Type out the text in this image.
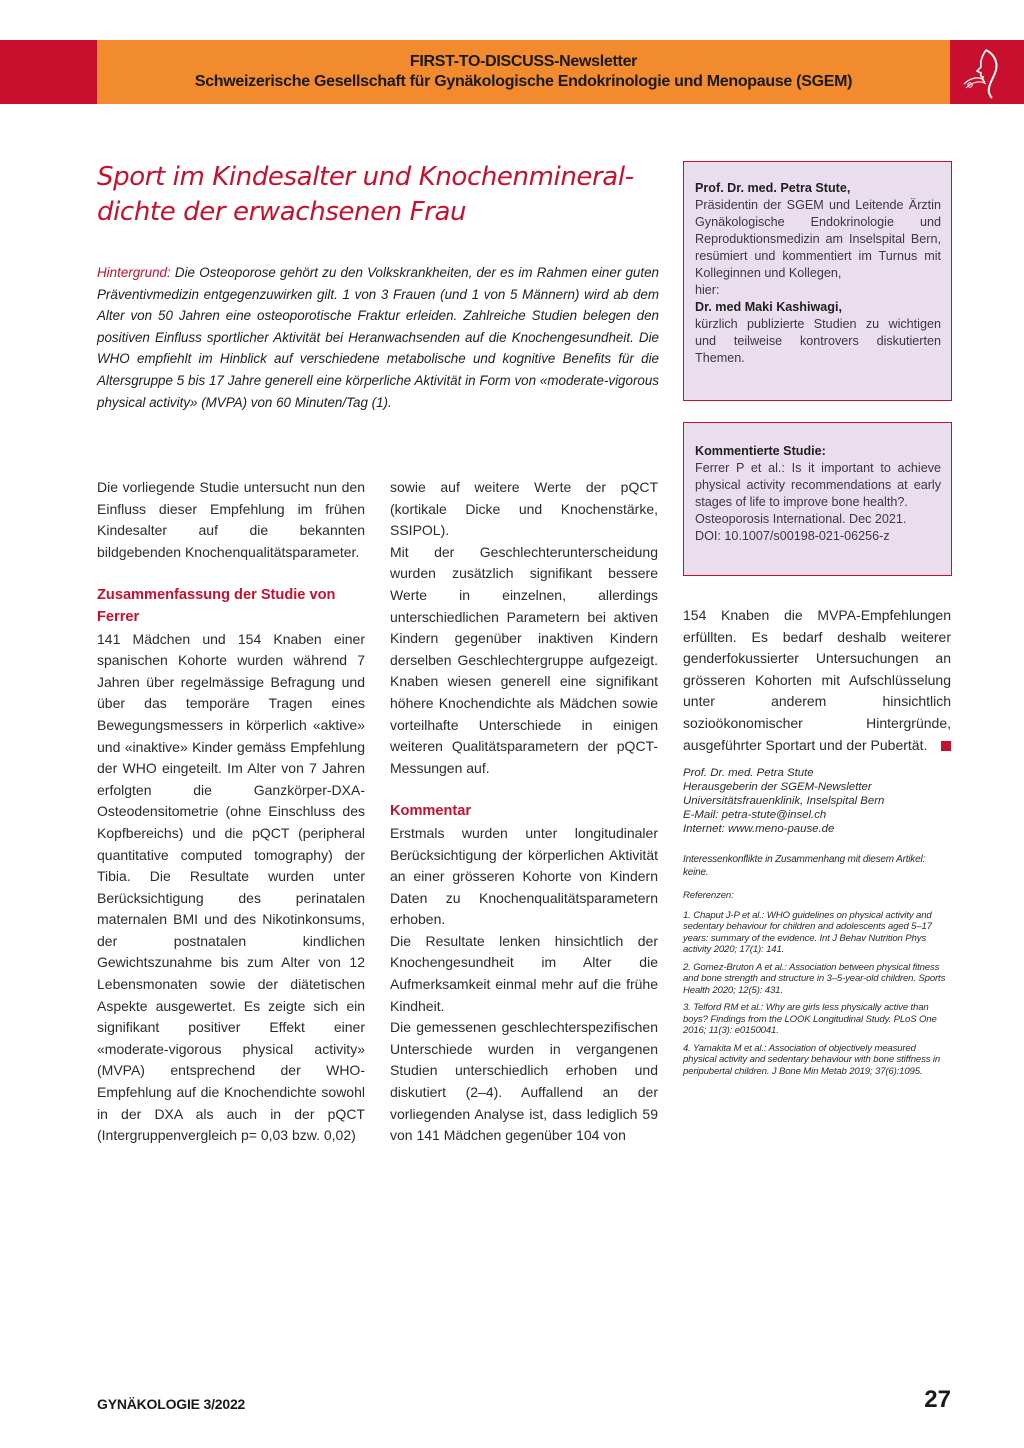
FIRST-TO-DISCUSS-Newsletter
Schweizerische Gesellschaft für Gynäkologische Endokrinologie und Menopause (SGEM)
Sport im Kindesalter und Knochenmineral-
dichte der erwachsenen Frau

Hintergrund: Die Osteoporose gehört zu den Volkskrankheiten, der es im Rahmen einer guten Präventivmedizin entgegenzuwirken gilt. 1 von 3 Frauen (und 1 von 5 Männern) wird ab dem Alter von 50 Jahren eine osteoporotische Fraktur erleiden. Zahlreiche Studien belegen den positiven Einfluss sportlicher Aktivität bei Heranwachsenden auf die Knochengesundheit. Die WHO empfiehlt im Hinblick auf verschiedene metabolische und kognitive Benefits für die Altersgruppe 5 bis 17 Jahre generell eine körperliche Aktivität in Form von «moderate-vigorous physical activity» (MVPA) von 60 Minuten/Tag (1).

Die vorliegende Studie untersucht nun den Einfluss dieser Empfehlung im frühen Kindesalter auf die bekannten bildgebenden Knochenqualitätsparameter.

Zusammenfassung der Studie von Ferrer

141 Mädchen und 154 Knaben einer spanischen Kohorte wurden während 7 Jahren über regelmässige Befragung und über das temporäre Tragen eines Bewegungsmessers in körperlich «aktive» und «inaktive» Kinder gemäss Empfehlung der WHO eingeteilt. Im Alter von 7 Jahren erfolgten die Ganzkörper-DXA-Osteodensitometrie (ohne Einschluss des Kopfbereichs) und die pQCT (peripheral quantitative computed tomography) der Tibia. Die Resultate wurden unter Berücksichtigung des perinatalen maternalen BMI und des Nikotinkonsums, der postnatalen kindlichen Gewichtszunahme bis zum Alter von 12 Lebensmonaten sowie der diätetischen Aspekte ausgewertet. Es zeigte sich ein signifikant positiver Effekt einer «moderate-vigorous physical activity» (MVPA) entsprechend der WHO-Empfehlung auf die Knochendichte sowohl in der DXA als auch in der pQCT (Intergruppenvergleich p= 0,03 bzw. 0,02)

sowie auf weitere Werte der pQCT (kortikale Dicke und Knochenstärke, SSIPOL).

Mit der Geschlechterunterscheidung wurden zusätzlich signifikant bessere Werte in einzelnen, allerdings unterschiedlichen Parametern bei aktiven Kindern gegenüber inaktiven Kindern derselben Geschlechtergruppe aufgezeigt. Knaben wiesen generell eine signifikant höhere Knochendichte als Mädchen sowie vorteilhafte Unterschiede in einigen weiteren Qualitätsparametern der pQCT-Messungen auf.

Kommentar

Erstmals wurden unter longitudinaler Berücksichtigung der körperlichen Aktivität an einer grösseren Kohorte von Kindern Daten zu Knochenqualitätsparametern erhoben.

Die Resultate lenken hinsichtlich der Knochengesundheit im Alter die Aufmerksamkeit einmal mehr auf die frühe Kindheit.

Die gemessenen geschlechterspezifischen Unterschiede wurden in vergangenen Studien unterschiedlich erhoben und diskutiert (2–4). Auffallend an der vorliegenden Analyse ist, dass lediglich 59 von 141 Mädchen gegenüber 104 von

Prof. Dr. med. Petra Stute,

Präsidentin der SGEM und Leitende Ärztin Gynäkologische Endokrinologie und Reproduktionsmedizin am Inselspital Bern, resümiert und kommentiert im Turnus mit Kolleginnen und Kollegen,

hier:

Dr. med Maki Kashiwagi,

kürzlich publizierte Studien zu wichtigen und teilweise kontrovers diskutierten Themen.

Kommentierte Studie:

Ferrer P et al.: Is it important to achieve physical activity recommendations at early stages of life to improve bone health?.

Osteoporosis International. Dec 2021.

DOI: 10.1007/s00198-021-06256-z

154 Knaben die MVPA-Empfehlungen erfüllten. Es bedarf deshalb weiterer genderfokussierter Untersuchungen an grösseren Kohorten mit Aufschlüsselung unter anderem hinsichtlich sozioökonomischer Hintergründe, ausgeführter Sportart und der Pubertät.

Prof. Dr. med. Petra Stute

Herausgeberin der SGEM-Newsletter

Universitätsfrauenklinik, Inselspital Bern

E-Mail: petra-stute@insel.ch

Internet: www.meno-pause.de

Interessenkonflikte in Zusammenhang mit diesem Artikel: keine.

Referenzen:

1. Chaput J-P et al.: WHO guidelines on physical activity and sedentary behaviour for children and adolescents aged 5–17 years: summary of the evidence. Int J Behav Nutrition Phys activity 2020; 17(1): 141.

2. Gomez-Bruton A et al.: Association between physical fitness and bone strength and structure in 3–5-year-old children. Sports Health 2020; 12(5): 431.

3. Telford RM et al.: Why are girls less physically active than boys? Findings from the LOOK Longitudinal Study. PLoS One 2016; 11(3): e0150041.

4. Yamakita M et al.: Association of objectively measured physical activity and sedentary behaviour with bone stiffness in peripubertal children. J Bone Min Metab 2019; 37(6):1095.

GYNÄKOLOGIE 3/2022	27
